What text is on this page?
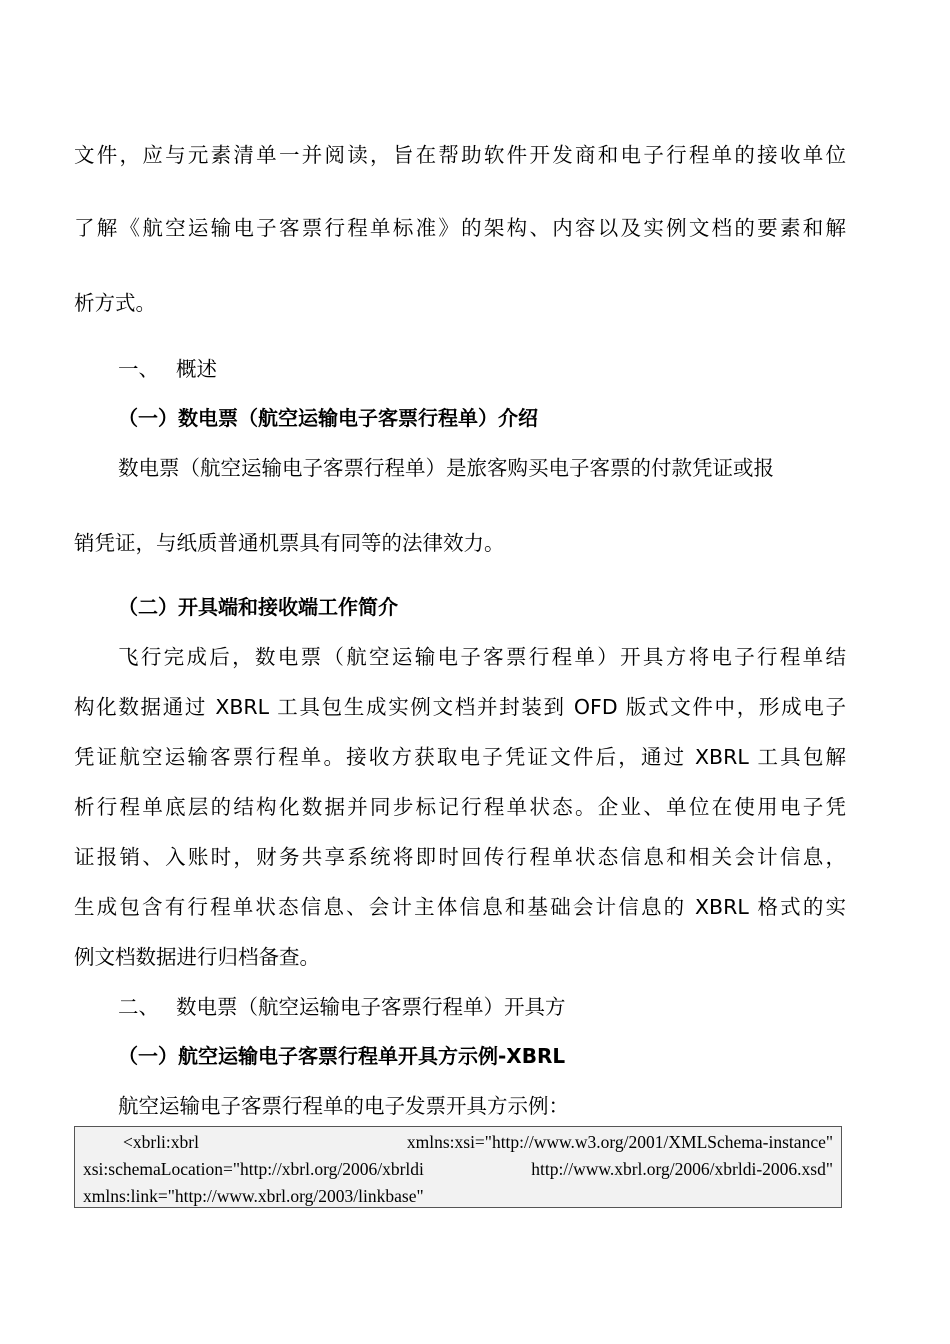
文件，应与元素清单一并阅读，旨在帮助软件开发商和电子行程单的接收单位

了解《航空运输电子客票行程单标准》的架构、内容以及实例文档的要素和解

析方式。

一、 概述

（一）数电票（航空运输电子客票行程单）介绍

数电票（航空运输电子客票行程单）是旅客购买电子客票的付款凭证或报

销凭证，与纸质普通机票具有同等的法律效力。

（二）开具端和接收端工作简介

飞行完成后，数电票（航空运输电子客票行程单）开具方将电子行程单结

构化数据通过 XBRL 工具包生成实例文档并封装到 OFD 版式文件中，形成电子

凭证航空运输客票行程单。接收方获取电子凭证文件后，通过 XBRL 工具包解

析行程单底层的结构化数据并同步标记行程单状态。企业、单位在使用电子凭

证报销、入账时，财务共享系统将即时回传行程单状态信息和相关会计信息，

生成包含有行程单状态信息、会计主体信息和基础会计信息的 XBRL 格式的实

例文档数据进行归档备查。

二、 数电票（航空运输电子客票行程单）开具方

（一）航空运输电子客票行程单开具方示例-XBRL

航空运输电子客票行程单的电子发票开具方示例：

<xbrli:xbrl	xmlns:xsi="http://www.w3.org/2001/XMLSchema-instance"
xsi:schemaLocation="http://xbrl.org/2006/xbrldi	http://www.xbrl.org/2006/xbrldi-2006.xsd"
xmlns:link="http://www.xbrl.org/2003/linkbase"
